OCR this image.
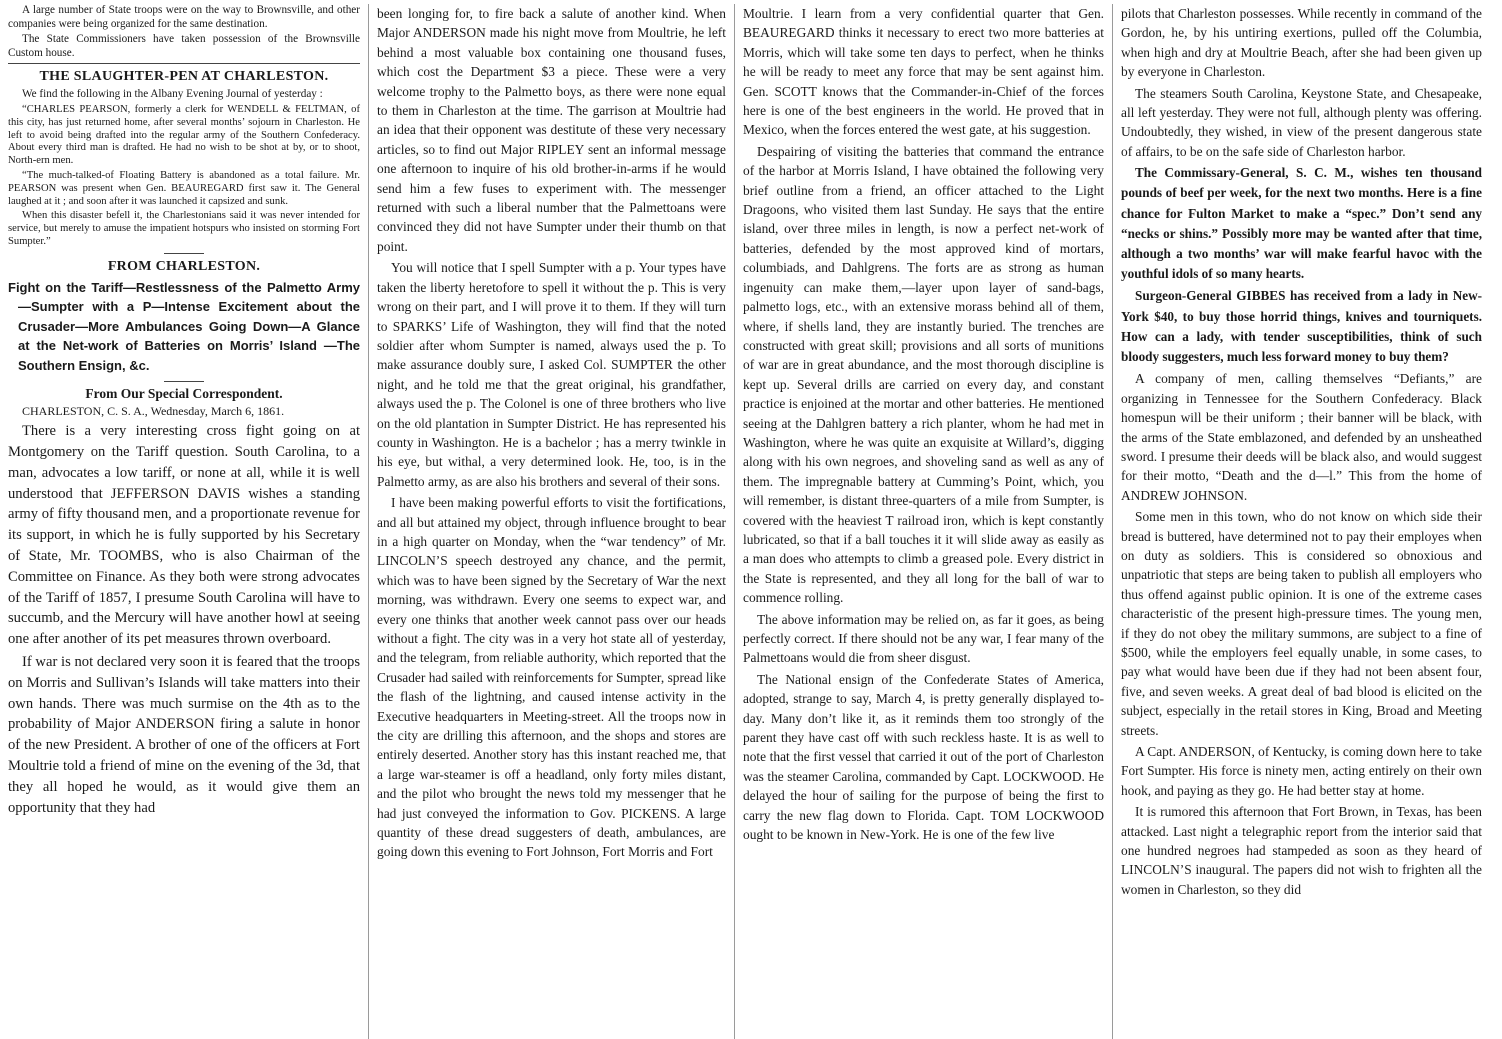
A large number of State troops were on the way to Brownsville, and other companies were being organized for the same destination.

The State Commissioners have taken possession of the Brownsville Custom house.

THE SLAUGHTER-PEN AT CHARLESTON.

We find the following in the Albany Evening Journal of yesterday :

“CHARLES PEARSON, formerly a clerk for WENDELL & FELTMAN, of this city, has just returned home, after several months’ sojourn in Charleston. He left to avoid being drafted into the regular army of the Southern Confederacy. About every third man is drafted. He had no wish to be shot at by, or to shoot, North-ern men.

“The much-talked-of Floating Battery is abandoned as a total failure. Mr. PEARSON was present when Gen. BEAUREGARD first saw it. The General laughed at it ; and soon after it was launched it capsized and sunk.

When this disaster befell it, the Charlestonians said it was never intended for service, but merely to amuse the impatient hotspurs who insisted on storming Fort Sumpter.”

FROM CHARLESTON.
Fight on the Tariff—Restlessness of the Palmetto Army—Sumpter with a P—Intense Excitement about the Crusader—More Ambulances Going Down—A Glance at the Net-work of Batteries on Morris’ Island —The Southern Ensign, &c.
From Our Special Correspondent.
CHARLESTON, C. S. A., Wednesday, March 6, 1861.

There is a very interesting cross fight going on at Montgomery on the Tariff question. South Carolina, to a man, advocates a low tariff, or none at all, while it is well understood that JEFFERSON DAVIS wishes a standing army of fifty thousand men, and a proportionate revenue for its support, in which he is fully supported by his Secretary of State, Mr. TOOMBS, who is also Chairman of the Committee on Finance. As they both were strong advocates of the Tariff of 1857, I presume South Carolina will have to succumb, and the Mercury will have another howl at seeing one after another of its pet measures thrown overboard.

If war is not declared very soon it is feared that the troops on Morris and Sullivan’s Islands will take matters into their own hands. There was much surmise on the 4th as to the probability of Major ANDERSON firing a salute in honor of the new President. A brother of one of the officers at Fort Moultrie told a friend of mine on the evening of the 3d, that they all hoped he would, as it would give them an opportunity that they had

been longing for, to fire back a salute of another kind. When Major ANDERSON made his night move from Moultrie, he left behind a most valuable box containing one thousand fuses, which cost the Department $3 a piece. These were a very welcome trophy to the Palmetto boys, as there were none equal to them in Charleston at the time. The garrison at Moultrie had an idea that their opponent was destitute of these very necessary articles, so to find out Major RIPLEY sent an informal message one afternoon to inquire of his old brother-in-arms if he would send him a few fuses to experiment with. The messenger returned with such a liberal number that the Palmettoans were convinced they did not have Sumpter under their thumb on that point.

You will notice that I spell Sumpter with a p. Your types have taken the liberty heretofore to spell it without the p. This is very wrong on their part, and I will prove it to them. If they will turn to SPARKS’ Life of Washington, they will find that the noted soldier after whom Sumpter is named, always used the p. To make assurance doubly sure, I asked Col. SUMPTER the other night, and he told me that the great original, his grandfather, always used the p. The Colonel is one of three brothers who live on the old plantation in Sumpter District. He has represented his county in Washington. He is a bachelor ; has a merry twinkle in his eye, but withal, a very determined look. He, too, is in the Palmetto army, as are also his brothers and several of their sons.

I have been making powerful efforts to visit the fortifications, and all but attained my object, through influence brought to bear in a high quarter on Monday, when the “war tendency” of Mr. LINCOLN’S speech destroyed any chance, and the permit, which was to have been signed by the Secretary of War the next morning, was withdrawn. Every one seems to expect war, and every one thinks that another week cannot pass over our heads without a fight. The city was in a very hot state all of yesterday, and the telegram, from reliable authority, which reported that the Crusader had sailed with reinforcements for Sumpter, spread like the flash of the lightning, and caused intense activity in the Executive headquarters in Meeting-street. All the troops now in the city are drilling this afternoon, and the shops and stores are entirely deserted. Another story has this instant reached me, that a large war-steamer is off a headland, only forty miles distant, and the pilot who brought the news told my messenger that he had just conveyed the information to Gov. PICKENS. A large quantity of these dread suggesters of death, ambulances, are going down this evening to Fort Johnson, Fort Morris and Fort

Moultrie. I learn from a very confidential quarter that Gen. BEAUREGARD thinks it necessary to erect two more batteries at Morris, which will take some ten days to perfect, when he thinks he will be ready to meet any force that may be sent against him. Gen. SCOTT knows that the Commander-in-Chief of the forces here is one of the best engineers in the world. He proved that in Mexico, when the forces entered the west gate, at his suggestion.

Despairing of visiting the batteries that command the entrance of the harbor at Morris Island, I have obtained the following very brief outline from a friend, an officer attached to the Light Dragoons, who visited them last Sunday. He says that the entire island, over three miles in length, is now a perfect net-work of batteries, defended by the most approved kind of mortars, columbiads, and Dahlgrens. The forts are as strong as human ingenuity can make them,—layer upon layer of sand-bags, palmetto logs, etc., with an extensive morass behind all of them, where, if shells land, they are instantly buried. The trenches are constructed with great skill; provisions and all sorts of munitions of war are in great abundance, and the most thorough discipline is kept up. Several drills are carried on every day, and constant practice is enjoined at the mortar and other batteries. He mentioned seeing at the Dahlgren battery a rich planter, whom he had met in Washington, where he was quite an exquisite at Willard’s, digging along with his own negroes, and shoveling sand as well as any of them. The impregnable battery at Cumming’s Point, which, you will remember, is distant three-quarters of a mile from Sumpter, is covered with the heaviest T railroad iron, which is kept constantly lubricated, so that if a ball touches it it will slide away as easily as a man does who attempts to climb a greased pole. Every district in the State is represented, and they all long for the ball of war to commence rolling.

The above information may be relied on, as far it goes, as being perfectly correct. If there should not be any war, I fear many of the Palmettoans would die from sheer disgust.

The National ensign of the Confederate States of America, adopted, strange to say, March 4, is pretty generally displayed to-day. Many don’t like it, as it reminds them too strongly of the parent they have cast off with such reckless haste. It is as well to note that the first vessel that carried it out of the port of Charleston was the steamer Carolina, commanded by Capt. LOCKWOOD. He delayed the hour of sailing for the purpose of being the first to carry the new flag down to Florida. Capt. TOM LOCKWOOD ought to be known in New-York. He is one of the few live

pilots that Charleston possesses. While recently in command of the Gordon, he, by his untiring exertions, pulled off the Columbia, when high and dry at Moultrie Beach, after she had been given up by everyone in Charleston.

The steamers South Carolina, Keystone State, and Chesapeake, all left yesterday. They were not full, although plenty was offering. Undoubtedly, they wished, in view of the present dangerous state of affairs, to be on the safe side of Charleston harbor.

The Commissary-General, S. C. M., wishes ten thousand pounds of beef per week, for the next two months. Here is a fine chance for Fulton Market to make a “spec.” Don’t send any “necks or shins.” Possibly more may be wanted after that time, although a two months’ war will make fearful havoc with the youthful idols of so many hearts.

Surgeon-General GIBBES has received from a lady in New-York $40, to buy those horrid things, knives and tourniquets. How can a lady, with tender susceptibilities, think of such bloody suggesters, much less forward money to buy them?

A company of men, calling themselves “Defiants,” are organizing in Tennessee for the Southern Confederacy. Black homespun will be their uniform ; their banner will be black, with the arms of the State emblazoned, and defended by an unsheathed sword. I presume their deeds will be black also, and would suggest for their motto, “Death and the d—l.” This from the home of ANDREW JOHNSON.

Some men in this town, who do not know on which side their bread is buttered, have determined not to pay their employes when on duty as soldiers. This is considered so obnoxious and unpatriotic that steps are being taken to publish all employers who thus offend against public opinion. It is one of the extreme cases characteristic of the present high-pressure times. The young men, if they do not obey the military summons, are subject to a fine of $500, while the employers feel equally unable, in some cases, to pay what would have been due if they had not been absent four, five, and seven weeks. A great deal of bad blood is elicited on the subject, especially in the retail stores in King, Broad and Meeting streets.

A Capt. ANDERSON, of Kentucky, is coming down here to take Fort Sumpter. His force is ninety men, acting entirely on their own hook, and paying as they go. He had better stay at home.

It is rumored this afternoon that Fort Brown, in Texas, has been attacked. Last night a telegraphic report from the interior said that one hundred negroes had stampeded as soon as they heard of LINCOLN’S inaugural. The papers did not wish to frighten all the women in Charleston, so they did
